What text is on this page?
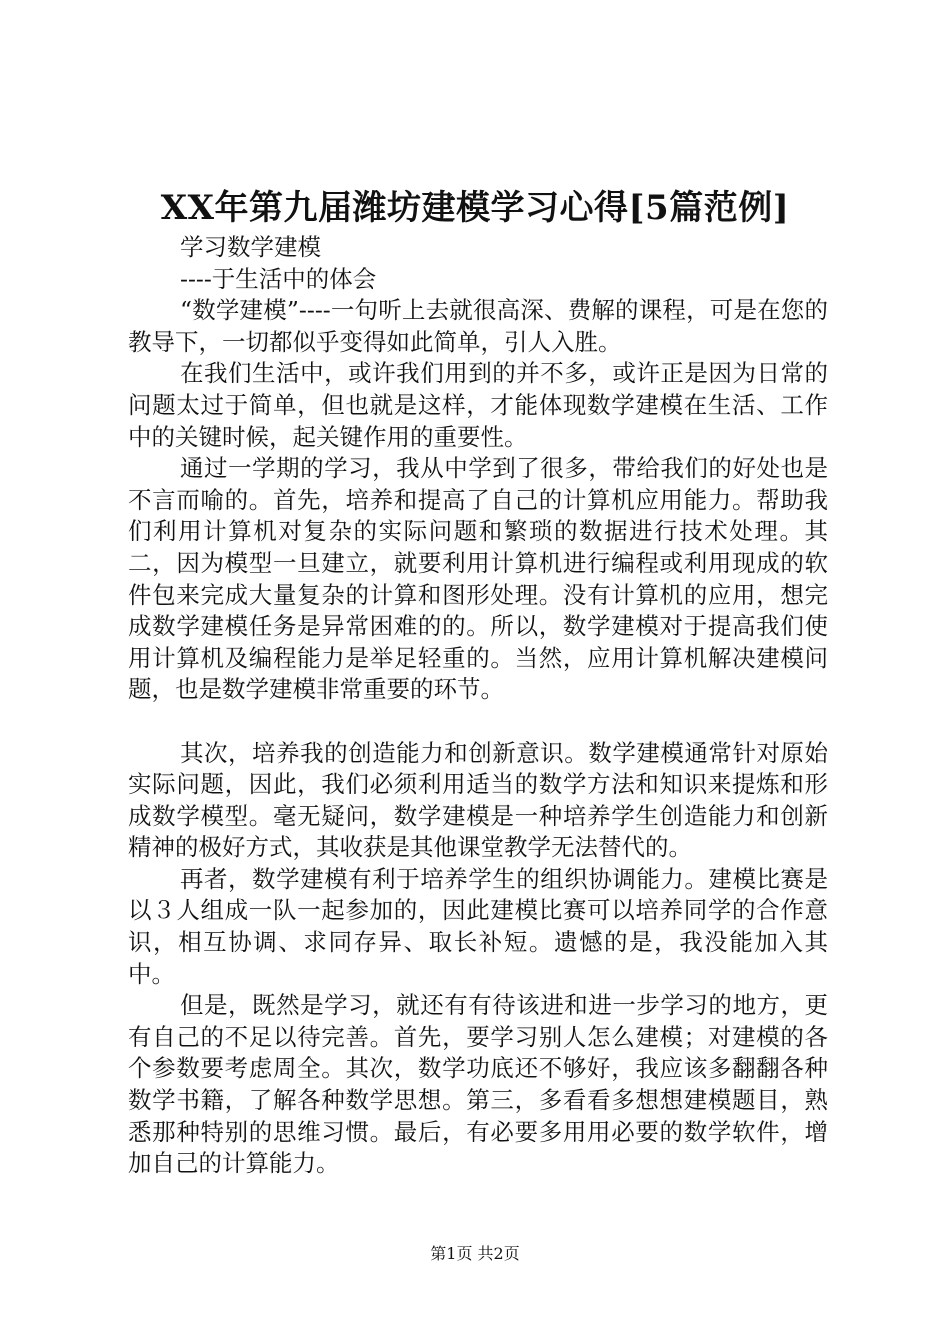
XX年第九届潍坊建模学习心得[5篇范例]

学习数学建模

----于生活中的体会

“数学建模”----一句听上去就很高深、费解的课程，可是在您的教导下，一切都似乎变得如此简单，引人入胜。

在我们生活中，或许我们用到的并不多，或许正是因为日常的问题太过于简单，但也就是这样，才能体现数学建模在生活、工作中的关键时候，起关键作用的重要性。

通过一学期的学习，我从中学到了很多，带给我们的好处也是不言而喻的。首先，培养和提高了自己的计算机应用能力。帮助我们利用计算机对复杂的实际问题和繁琐的数据进行技术处理。其二，因为模型一旦建立，就要利用计算机进行编程或利用现成的软件包来完成大量复杂的计算和图形处理。没有计算机的应用，想完成数学建模任务是异常困难的的。所以，数学建模对于提高我们使用计算机及编程能力是举足轻重的。当然，应用计算机解决建模问题，也是数学建模非常重要的环节。

其次，培养我的创造能力和创新意识。数学建模通常针对原始实际问题，因此，我们必须利用适当的数学方法和知识来提炼和形成数学模型。毫无疑问，数学建模是一种培养学生创造能力和创新精神的极好方式，其收获是其他课堂教学无法替代的。

再者，数学建模有利于培养学生的组织协调能力。建模比赛是以３人组成一队一起参加的，因此建模比赛可以培养同学的合作意识，相互协调、求同存异、取长补短。遗憾的是，我没能加入其中。

但是，既然是学习，就还有有待该进和进一步学习的地方，更有自己的不足以待完善。首先，要学习别人怎么建模；对建模的各个参数要考虑周全。其次，数学功底还不够好，我应该多翻翻各种数学书籍，了解各种数学思想。第三，多看看多想想建模题目，熟悉那种特别的思维习惯。最后，有必要多用用必要的数学软件，增加自己的计算能力。

第1页 共2页
